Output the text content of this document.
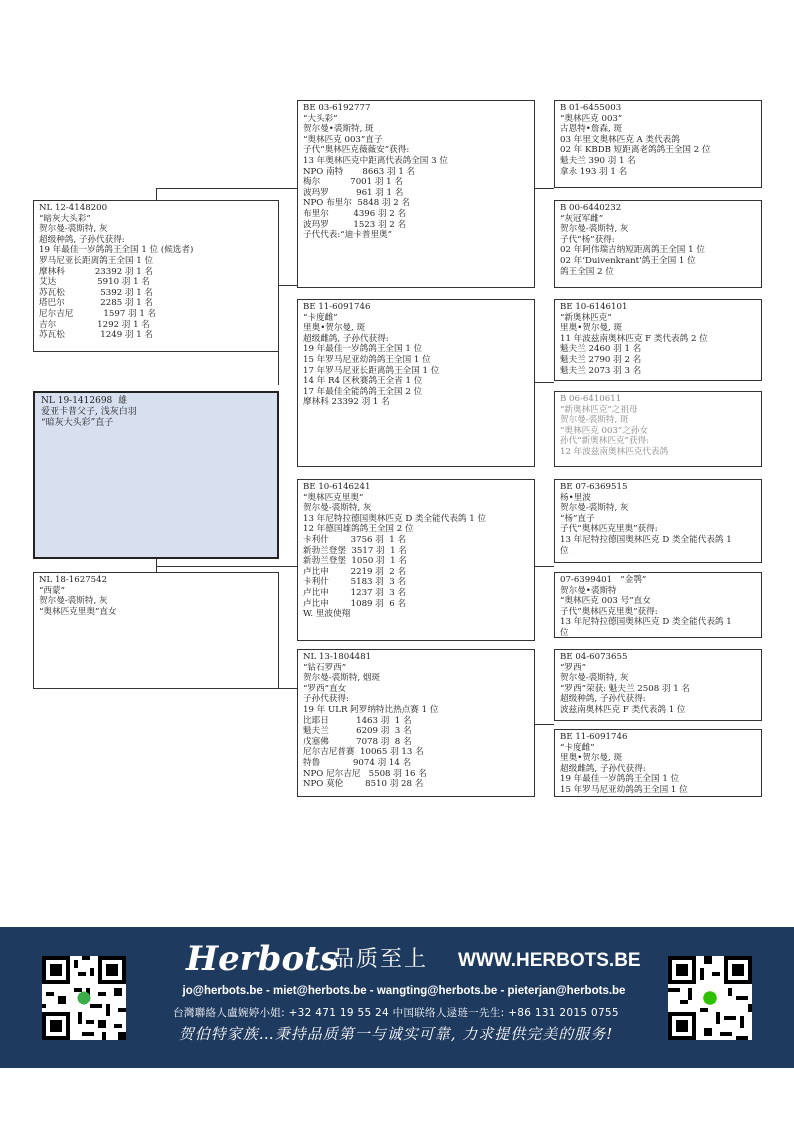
NL 12-4148200
“暗灰大头彩”
贺尔曼-裘斯特, 灰
超级种鸽, 子孙代获得:
19 年最佳一岁鸽鸽王全国 1 位 (候选者)
罗马尼亚长距离鸽王全国 1 位
摩林科           23392 羽 1 名
艾达               5910 羽 1 名
苏瓦松             5392 羽 1 名
塔巴尔             2285 羽 1 名
尼尔吉尼           1597 羽 1 名
吉尔               1292 羽 1 名
苏瓦松             1249 羽 1 名
NL 19-1412698  雄
爱亚卡普父子, 浅灰白羽
“暗灰大头彩”直子
NL 18-1627542
“西蒙”
贺尔曼-裘斯特, 灰
“奥林匹克里奥”直女
BE 03-6192777
“大头彩”
贺尔曼•裘斯特, 斑
“奥林匹克 003”直子
子代“奥林匹克薇薇安”获得:
13 年奥林匹克中距离代表鸽全国 3 位
NPO 南特       8663 羽 1 名
梅尔           7001 羽 1 名
波玛罗          961 羽 1 名
NPO 布里尔  5848 羽 2 名
布里尔         4396 羽 2 名
波玛罗         1523 羽 2 名
子代代表:“迪卡普里奥”
BE 11-6091746
“卡度雌”
里奥•贺尔曼, 斑
超级雌鸽, 子孙代获得:
19 年最佳一岁鸽鸽王全国 1 位
15 年罗马尼亚幼鸽鸽王全国 1 位
17 年罗马尼亚长距离鸽王全国 1 位
14 年 R4 区秋赛鸽王全省 1 位
17 年最佳全能鸽鸽王全国 2 位
摩林科 23392 羽 1 名
BE 10-6146241
“奥林匹克里奥”
贺尔曼-裘斯特, 灰
13 年尼特拉德国奥林匹克 D 类全能代表鸽 1 位
12 年德国雄鸽鸽王全国 2 位
卡利什        3756 羽  1 名
新勃兰登堡  3517 羽  1 名
新勃兰登堡  1050 羽  1 名
卢比申        2219 羽  2 名
卡利什        5183 羽  3 名
卢比申        1237 羽  3 名
卢比申        1089 羽  6 名
W. 里波使翔
NL 13-1804481
“钻石罗西”
贺尔曼-裘斯特, 烟斑
“罗西”直女
子孙代获得:
19 年 ULR 阿罗纳特比热点赛 1 位
比耶日          1463 羽  1 名
魁夫兰          6209 羽  3 名
戊塞佛          7078 羽  8 名
尼尔吉尼普赛  10065 羽 13 名
特鲁            9074 羽 14 名
NPO 尼尔吉尼   5508 羽 16 名
NPO 莫伦        8510 羽 28 名
B 01-6455003
“奥林匹克 003”
古恩特•詹森, 斑
03 年里文奥林匹克 A 类代表鸽
02 年 KBDB 短距离老鸽鸽王全国 2 位
魁夫兰 390 羽 1 名
拿永 193 羽 1 名
B 00-6440232
“灰冠军雌”
贺尔曼-裘斯特, 灰
子代“杨”获得:
02 年阿伟瑞吉纳短距离鸽王全国 1 位
02 年‘Duivenkrant’鸽王全国 1 位
鸽王全国 2 位
BE 10-6146101
“新奥林匹克”
里奥•贺尔曼, 斑
11 年波兹南奥林匹克 F 类代表鸽 2 位
魁夫兰 2460 羽 1 名
魁夫兰 2790 羽 2 名
魁夫兰 2073 羽 3 名
B 06-6410611
“新奥林匹克”之祖母
贺尔曼-裘斯特, 斑
“奥林匹克 003”之孙女
孙代“新奥林匹克”获得:
12 年波兹南奥林匹克代表鸽
BE 07-6369515
杨•里波
贺尔曼-裘斯特, 灰
“杨”直子
子代“奥林匹克里奥”获得:
13 年尼特拉德国奥林匹克 D 类全能代表鸽 1
位
07-6399401   “金鹗”
贺尔曼•裘斯特
“奥林匹克 003 号”直女
子代“奥林匹克里奥”获得:
13 年尼特拉德国奥林匹克 D 类全能代表鸽 1
位
BE 04-6073655
“罗西”
贺尔曼-裘斯特, 灰
“罗西”荣获: 魁夫兰 2508 羽 1 名
超级种鸽, 子孙代获得:
波兹南奥林匹克 F 类代表鸽 1 位
BE 11-6091746
“卡度雌”
里奥•贺尔曼, 斑
超级雌鸽, 子孙代获得:
19 年最佳一岁鸽鸽王全国 1 位
15 年罗马尼亚幼鸽鸽王全国 1 位
Herbots
品质至上 WWW.HERBOTS.BE
jo@herbots.be - miet@herbots.be - wangting@herbots.be - pieterjan@herbots.be
台灣聯絡人盧婉婷小姐: +32 471 19 55 24 中国联络人逯琏一先生: +86 131 2015 0755
贺伯特家族…秉持品质第一与诚实可靠, 力求提供完美的服务!
